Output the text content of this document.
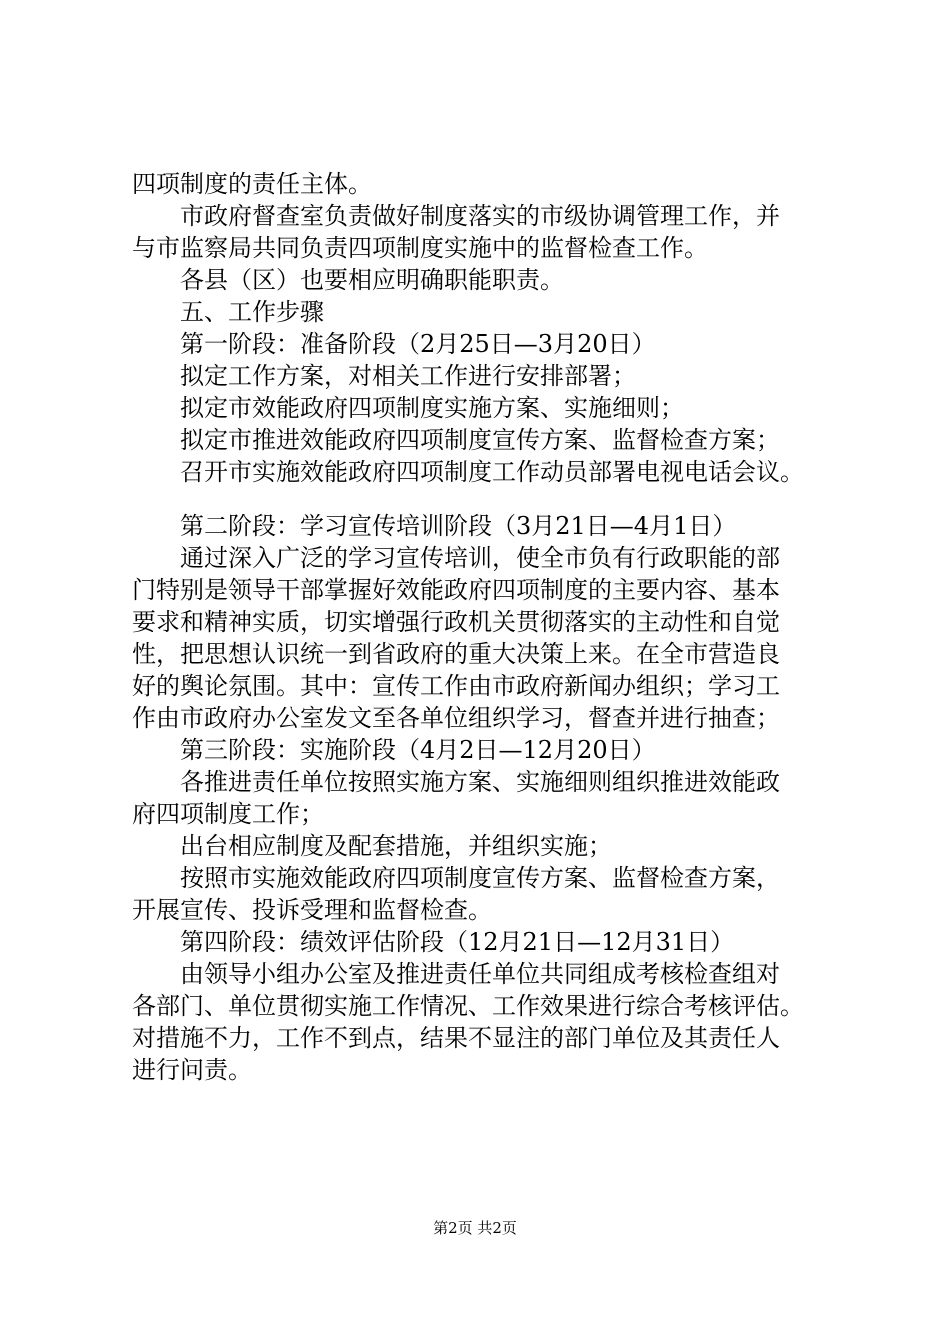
四项制度的责任主体。
市政府督查室负责做好制度落实的市级协调管理工作，并
与市监察局共同负责四项制度实施中的监督检查工作。
各县（区）也要相应明确职能职责。
五、工作步骤
第一阶段：准备阶段（2月25日—3月20日）
拟定工作方案，对相关工作进行安排部署；
拟定市效能政府四项制度实施方案、实施细则；
拟定市推进效能政府四项制度宣传方案、监督检查方案；
召开市实施效能政府四项制度工作动员部署电视电话会议。
第二阶段：学习宣传培训阶段（3月21日—4月1日）
通过深入广泛的学习宣传培训，使全市负有行政职能的部
门特别是领导干部掌握好效能政府四项制度的主要内容、基本
要求和精神实质，切实增强行政机关贯彻落实的主动性和自觉
性，把思想认识统一到省政府的重大决策上来。在全市营造良
好的舆论氛围。其中：宣传工作由市政府新闻办组织；学习工
作由市政府办公室发文至各单位组织学习，督查并进行抽查；
第三阶段：实施阶段（4月2日—12月20日）
各推进责任单位按照实施方案、实施细则组织推进效能政
府四项制度工作；
出台相应制度及配套措施，并组织实施；
按照市实施效能政府四项制度宣传方案、监督检查方案，
开展宣传、投诉受理和监督检查。
第四阶段：绩效评估阶段（12月21日—12月31日）
由领导小组办公室及推进责任单位共同组成考核检查组对
各部门、单位贯彻实施工作情况、工作效果进行综合考核评估。
对措施不力，工作不到点，结果不显注的部门单位及其责任人
进行问责。
第2页 共2页
